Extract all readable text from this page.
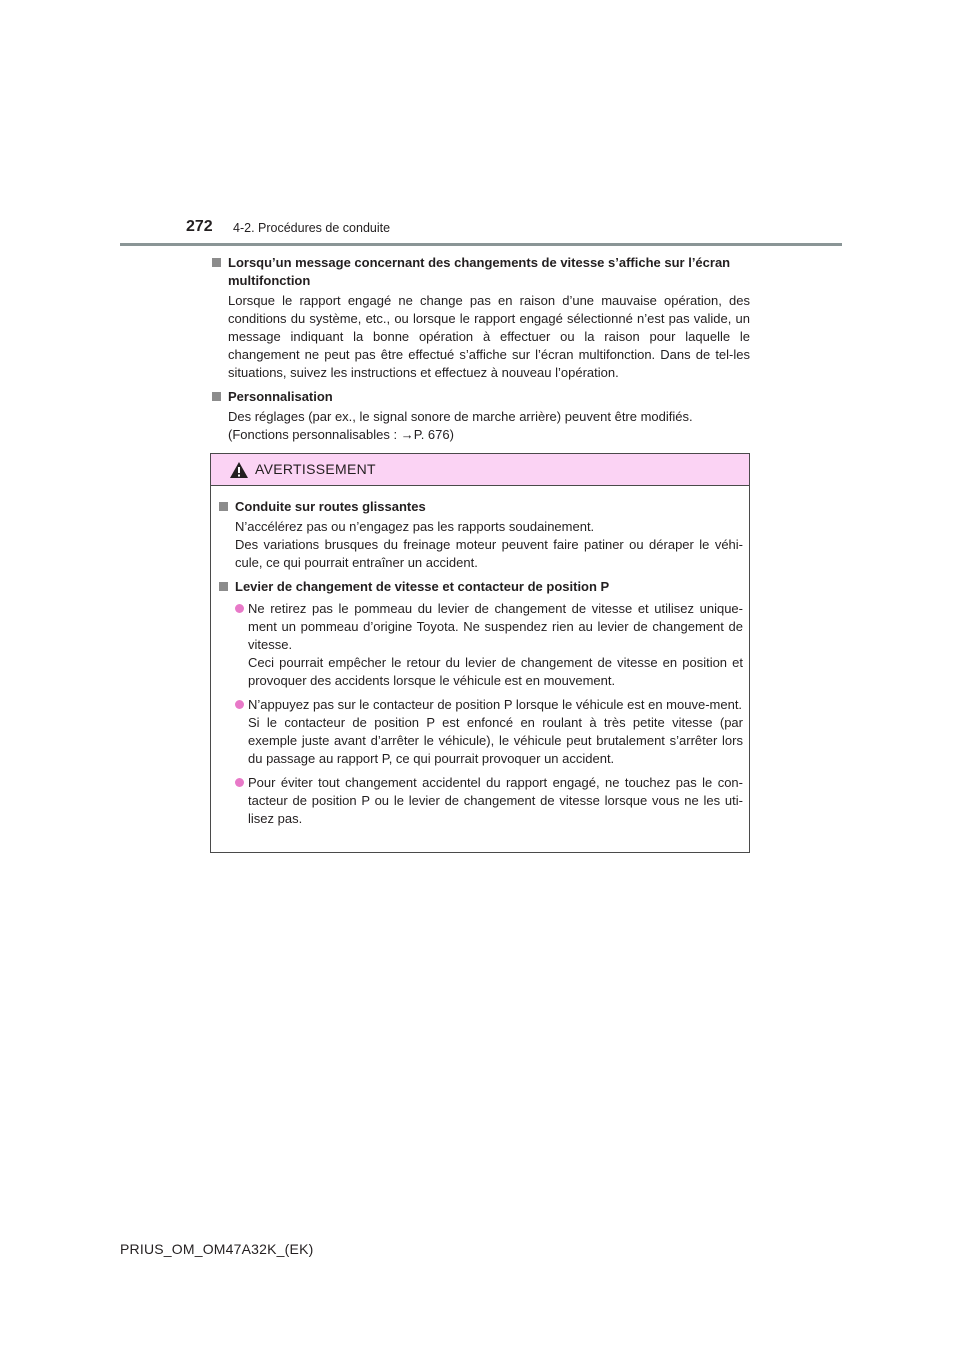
272 4-2. Procédures de conduite

Lorsqu’un message concernant des changements de vitesse s’affiche sur l’écran multifonction

Lorsque le rapport engagé ne change pas en raison d’une mauvaise opération, des conditions du système, etc., ou lorsque le rapport engagé sélectionné n’est pas valide, un message indiquant la bonne opération à effectuer ou la raison pour laquelle le changement ne peut pas être effectué s’affiche sur l’écran multifonction. Dans de tel-les situations, suivez les instructions et effectuez à nouveau l’opération.

Personnalisation

Des réglages (par ex., le signal sonore de marche arrière) peuvent être modifiés.

(Fonctions personnalisables : →P. 676)

AVERTISSEMENT

Conduite sur routes glissantes

N’accélérez pas ou n’engagez pas les rapports soudainement.

Des variations brusques du freinage moteur peuvent faire patiner ou déraper le véhi-cule, ce qui pourrait entraîner un accident.

Levier de changement de vitesse et contacteur de position P

Ne retirez pas le pommeau du levier de changement de vitesse et utilisez unique-ment un pommeau d’origine Toyota. Ne suspendez rien au levier de changement de vitesse.
Ceci pourrait empêcher le retour du levier de changement de vitesse en position et provoquer des accidents lorsque le véhicule est en mouvement.
N’appuyez pas sur le contacteur de position P lorsque le véhicule est en mouve-ment.
Si le contacteur de position P est enfoncé en roulant à très petite vitesse (par exemple juste avant d’arrêter le véhicule), le véhicule peut brutalement s’arrêter lors du passage au rapport P, ce qui pourrait provoquer un accident.
Pour éviter tout changement accidentel du rapport engagé, ne touchez pas le con-tacteur de position P ou le levier de changement de vitesse lorsque vous ne les uti-lisez pas.
PRIUS_OM_OM47A32K_(EK)
